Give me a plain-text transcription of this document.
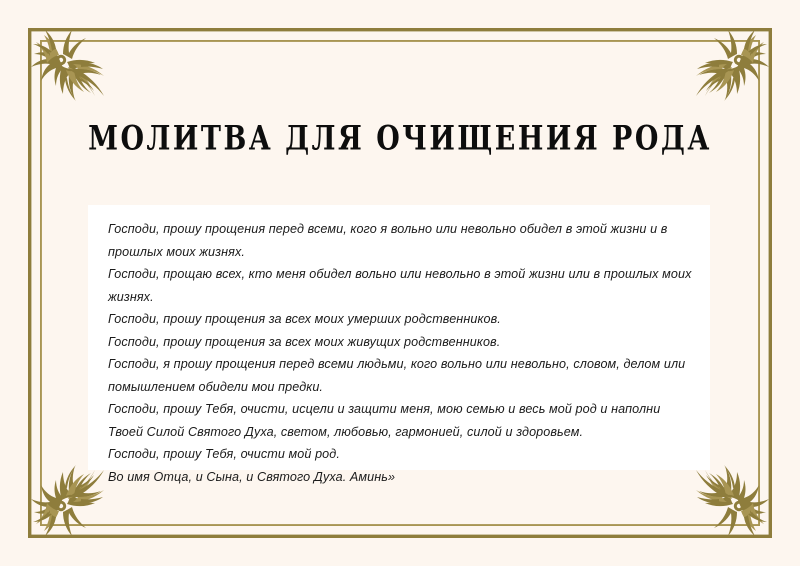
МОЛИТВА ДЛЯ ОЧИЩЕНИЯ РОДА

Господи, прошу прощения перед всеми, кого я вольно или невольно обидел в этой жизни и в прошлых моих жизнях.

Господи, прощаю всех, кто меня обидел вольно или невольно в этой жизни или в прошлых моих жизнях.

Господи, прошу прощения за всех моих умерших родственников.

Господи, прошу прощения за всех моих живущих родственников.

Господи, я прошу прощения перед всеми людьми, кого вольно или невольно, словом, делом или помышлением обидели мои предки.

Господи, прошу Тебя, очисти, исцели и защити меня, мою семью и весь мой род и наполни Твоей Силой Святого Духа, светом, любовью, гармонией, силой и здоровьем.

Господи, прошу Тебя, очисти мой род.

Во имя Отца, и Сына, и Святого Духа. Аминь»
